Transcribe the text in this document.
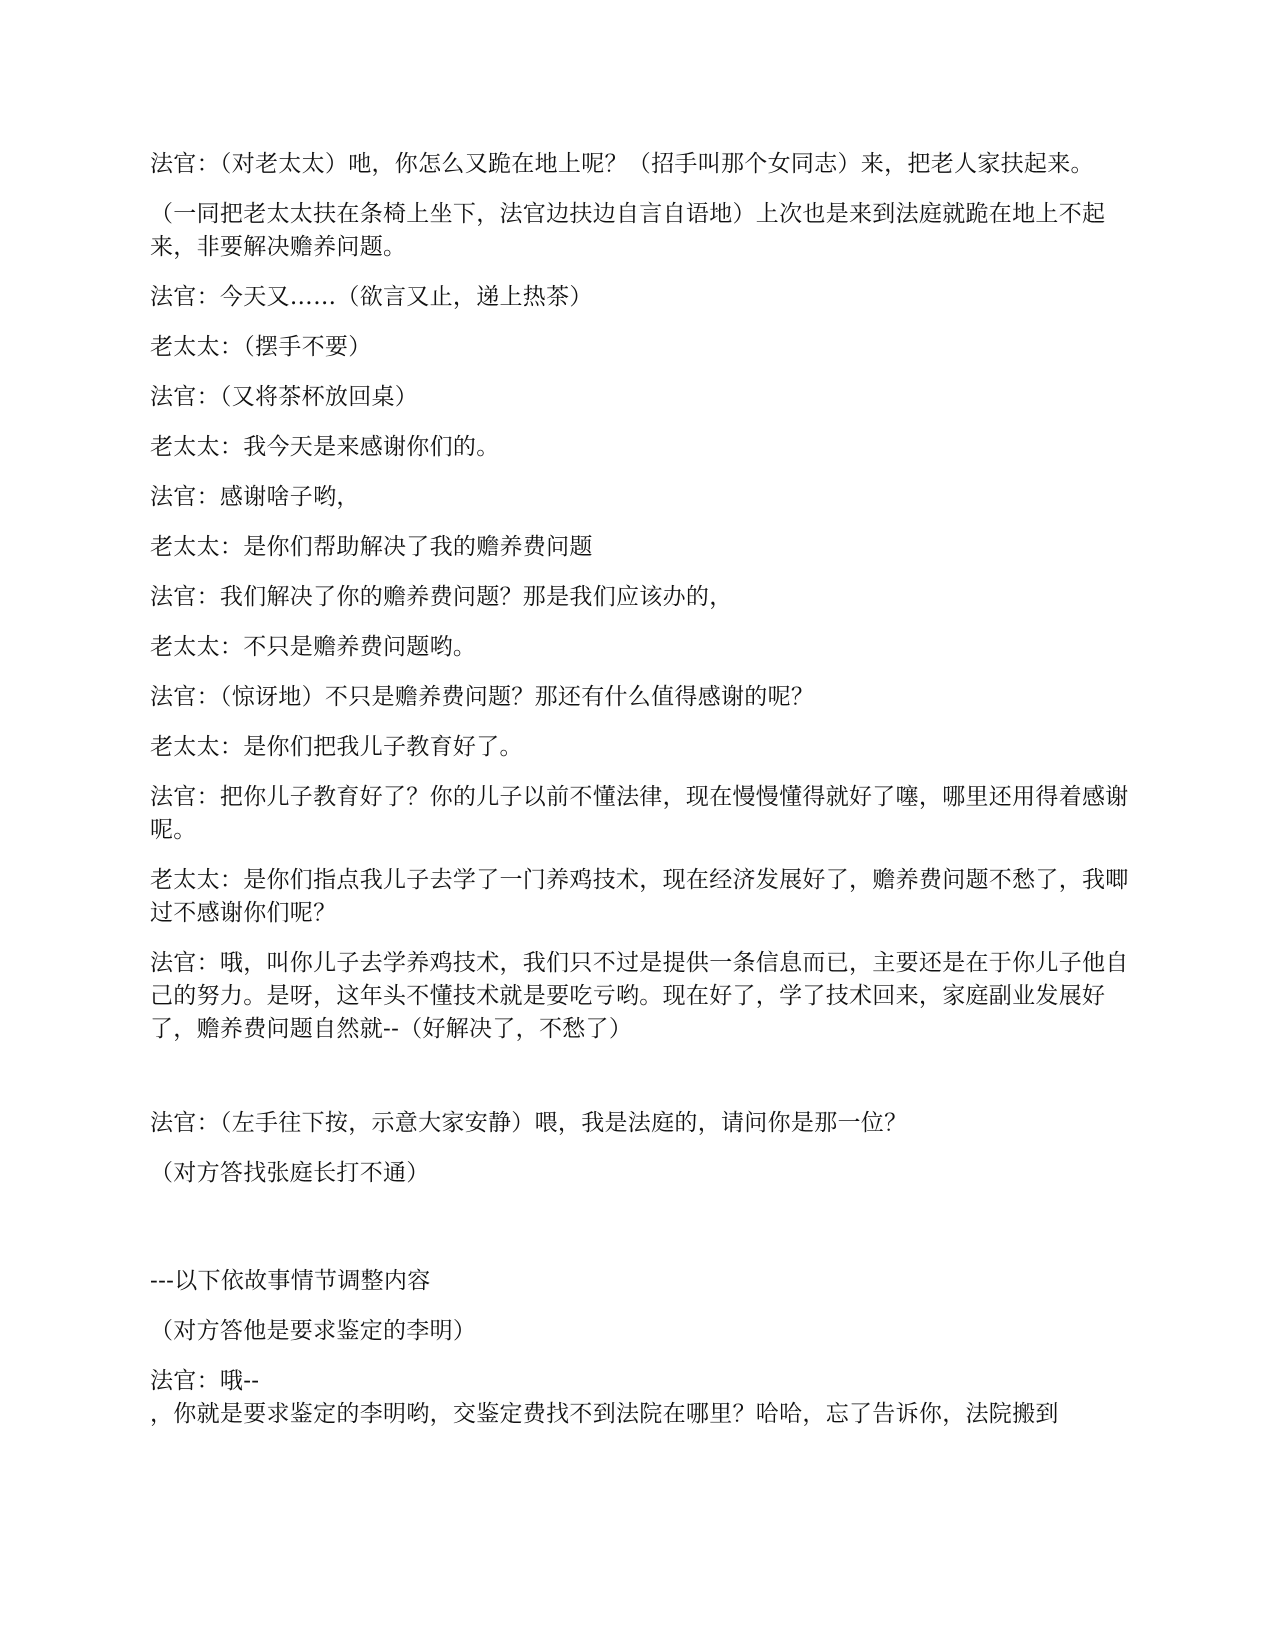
法官：（对老太太）吔，你怎么又跪在地上呢？（招手叫那个女同志）来，把老人家扶起来。

（一同把老太太扶在条椅上坐下，法官边扶边自言自语地）上次也是来到法庭就跪在地上不起来，非要解决赡养问题。

法官：今天又……（欲言又止，递上热茶）

老太太：（摆手不要）

法官：（又将茶杯放回桌）

老太太：我今天是来感谢你们的。

法官：感谢啥子哟，

老太太：是你们帮助解决了我的赡养费问题

法官：我们解决了你的赡养费问题？那是我们应该办的，

老太太：不只是赡养费问题哟。

法官：（惊讶地）不只是赡养费问题？那还有什么值得感谢的呢？

老太太：是你们把我儿子教育好了。

法官：把你儿子教育好了？你的儿子以前不懂法律，现在慢慢懂得就好了噻，哪里还用得着感谢呢。

老太太：是你们指点我儿子去学了一门养鸡技术，现在经济发展好了，赡养费问题不愁了，我唧过不感谢你们呢？

法官：哦，叫你儿子去学养鸡技术，我们只不过是提供一条信息而已，主要还是在于你儿子他自己的努力。是呀，这年头不懂技术就是要吃亏哟。现在好了，学了技术回来，家庭副业发展好了，赡养费问题自然就--（好解决了，不愁了）

法官：（左手往下按，示意大家安静）喂，我是法庭的，请问你是那一位？

（对方答找张庭长打不通）

---以下依故事情节调整内容

（对方答他是要求鉴定的李明）

法官：哦--

，你就是要求鉴定的李明哟，交鉴定费找不到法院在哪里？哈哈，忘了告诉你，法院搬到
